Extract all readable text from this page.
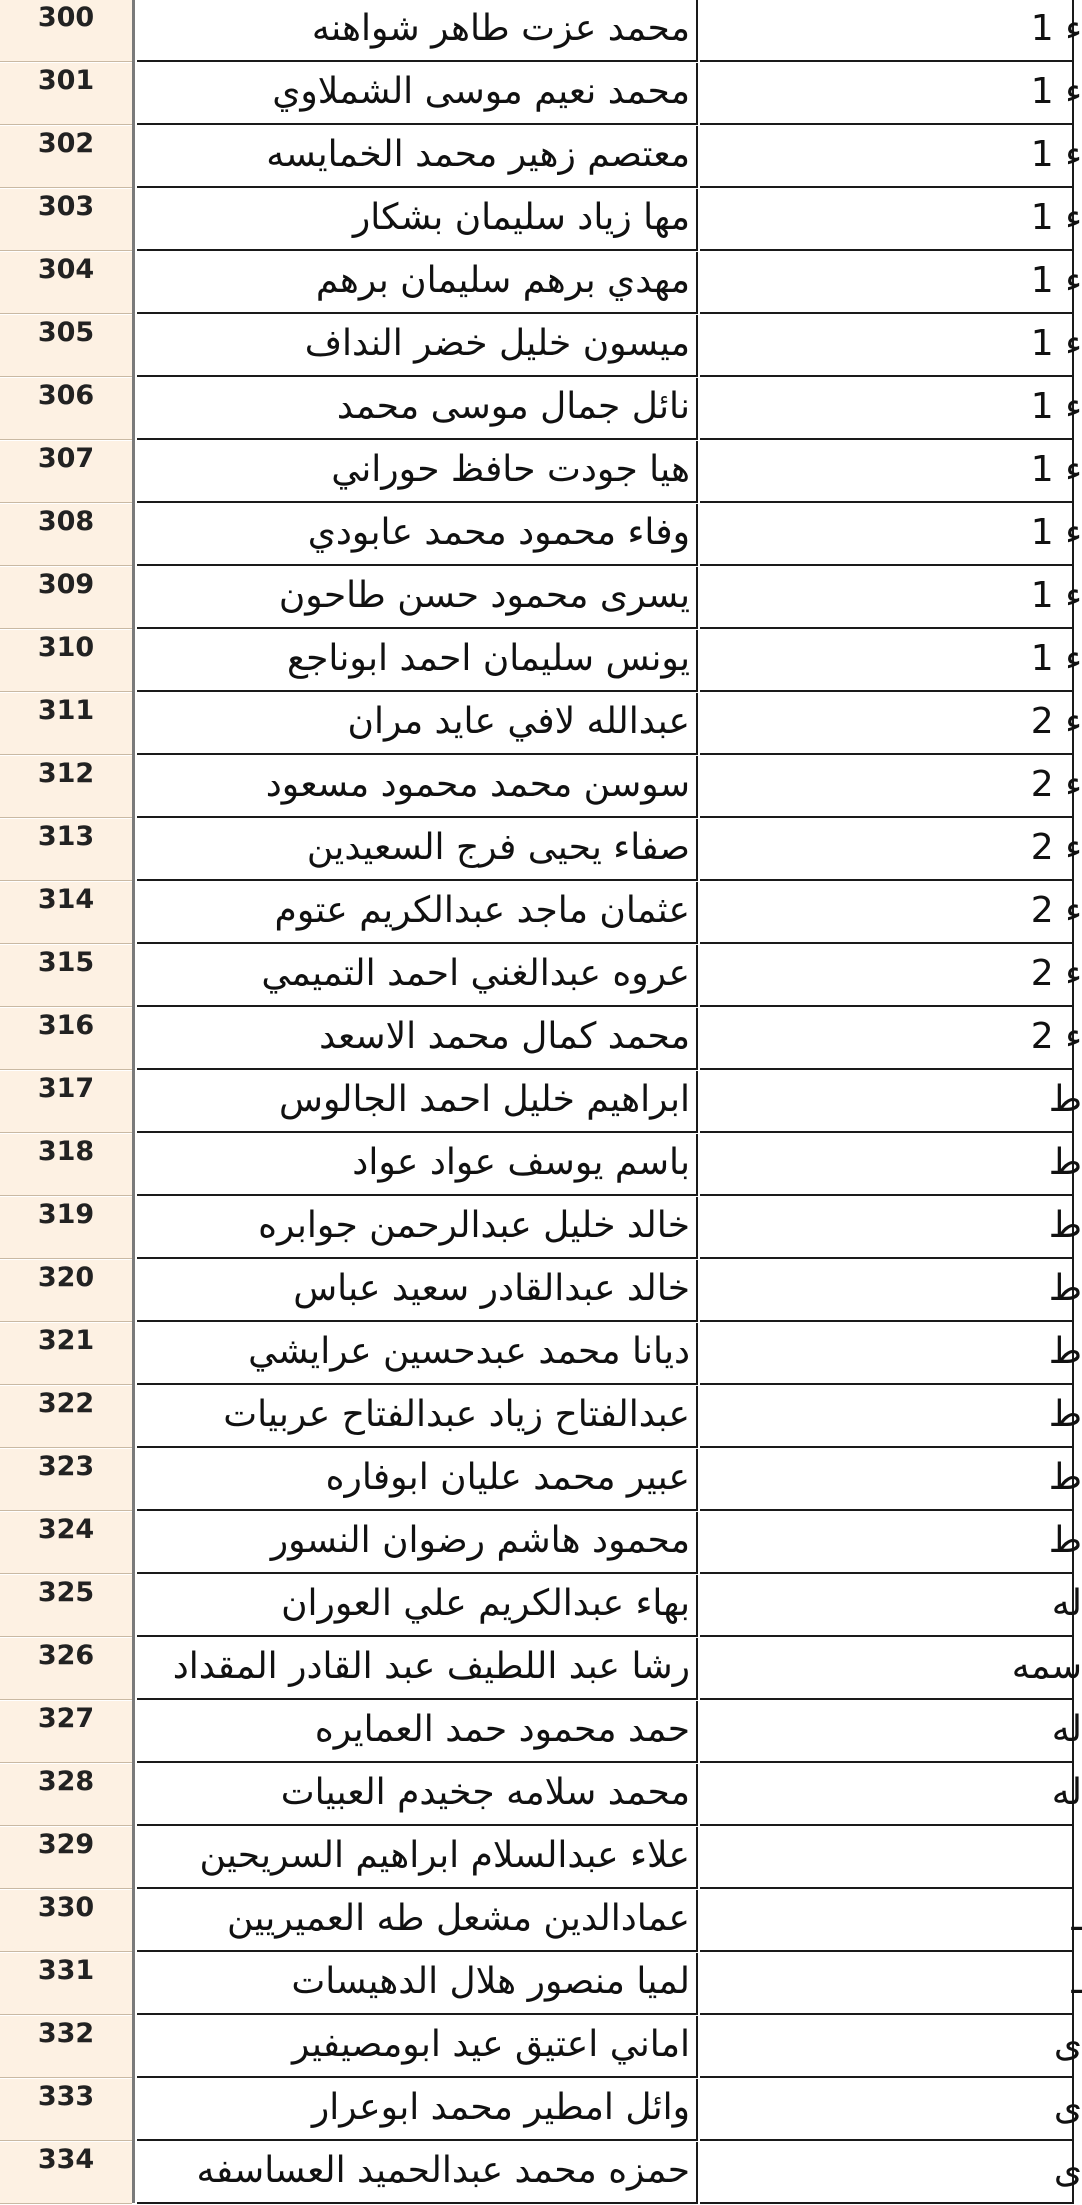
300	محمد عزت طاهر شواهنه	ء 1
301	محمد نعيم موسى الشملاوي	ء 1
302	معتصم زهير محمد الخمايسه	ء 1
303	مها زياد سليمان بشكار	ء 1
304	مهدي برهم سليمان برهم	ء 1
305	ميسون خليل خضر النداف	ء 1
306	نائل جمال موسى محمد	ء 1
307	هيا جودت حافظ حوراني	ء 1
308	وفاء محمود محمد عابودي	ء 1
309	يسرى محمود حسن طاحون	ء 1
310	يونس سليمان احمد ابوناجع	ء 1
311	عبدالله لافي عايد مران	ء 2
312	سوسن محمد محمود مسعود	ء 2
313	صفاء يحيى فرج السعيدين	ء 2
314	عثمان ماجد عبدالكريم عتوم	ء 2
315	عروه عبدالغني احمد التميمي	ء 2
316	محمد كمال محمد الاسعد	ء 2
317	ابراهيم خليل احمد الجالوس	ط
318	باسم يوسف عواد عواد	ط
319	خالد خليل عبدالرحمن جوابره	ط
320	خالد عبدالقادر سعيد عباس	ط
321	ديانا محمد عبدحسين عرايشي	ط
322	عبدالفتاح زياد عبدالفتاح عربيات	ط
323	عبير محمد عليان ابوفاره	ط
324	محمود هاشم رضوان النسور	ط
325	بهاء عبدالكريم علي العوران	له
326	رشا عبد اللطيف عبد القادر المقداد	سمه
327	حمد محمود حمد العمايره	له
328	محمد سلامه جخيدم العبيات	له
329	علاء عبدالسلام ابراهيم السريحين
330	عمادالدين مشعل طه العميريين	ـ
331	لميا منصور هلال الدهيسات	ـ
332	اماني اعتيق عيد ابومصيفير	ى
333	وائل امطير محمد ابوعرار	ى
334	حمزه محمد عبدالحميد العساسفه	ى
